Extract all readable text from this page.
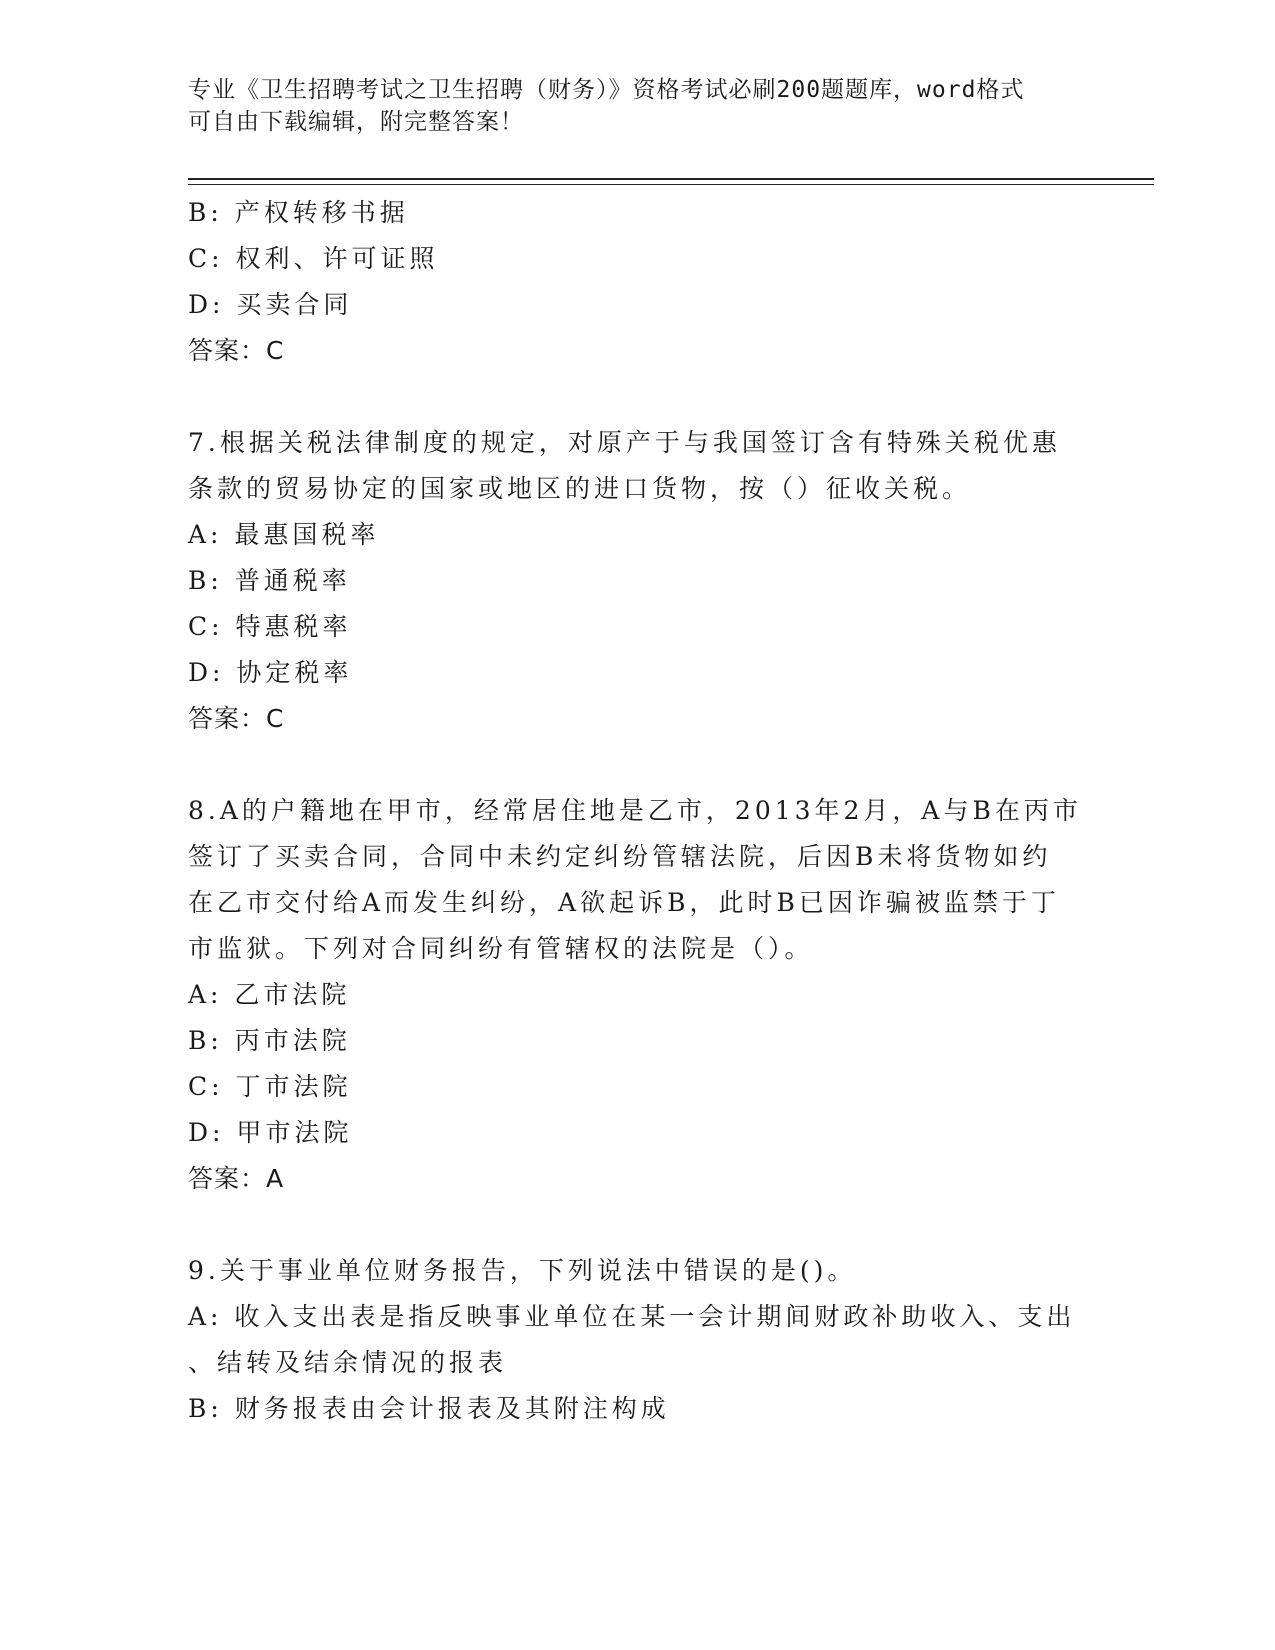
专业《卫生招聘考试之卫生招聘（财务）》资格考试必刷200题题库，word格式
可自由下载编辑，附完整答案！
B: 产权转移书据
C: 权利、许可证照
D: 买卖合同
答案：C
7.根据关税法律制度的规定，对原产于与我国签订含有特殊关税优惠
条款的贸易协定的国家或地区的进口货物，按（）征收关税。
A: 最惠国税率
B: 普通税率
C: 特惠税率
D: 协定税率
答案：C
8.A的户籍地在甲市，经常居住地是乙市，2013年2月，A与B在丙市
签订了买卖合同，合同中未约定纠纷管辖法院，后因B未将货物如约
在乙市交付给A而发生纠纷，A欲起诉B，此时B已因诈骗被监禁于丁
市监狱。下列对合同纠纷有管辖权的法院是（）。
A: 乙市法院
B: 丙市法院
C: 丁市法院
D: 甲市法院
答案：A
9.关于事业单位财务报告，下列说法中错误的是()。
A: 收入支出表是指反映事业单位在某一会计期间财政补助收入、支出
、结转及结余情况的报表
B: 财务报表由会计报表及其附注构成
